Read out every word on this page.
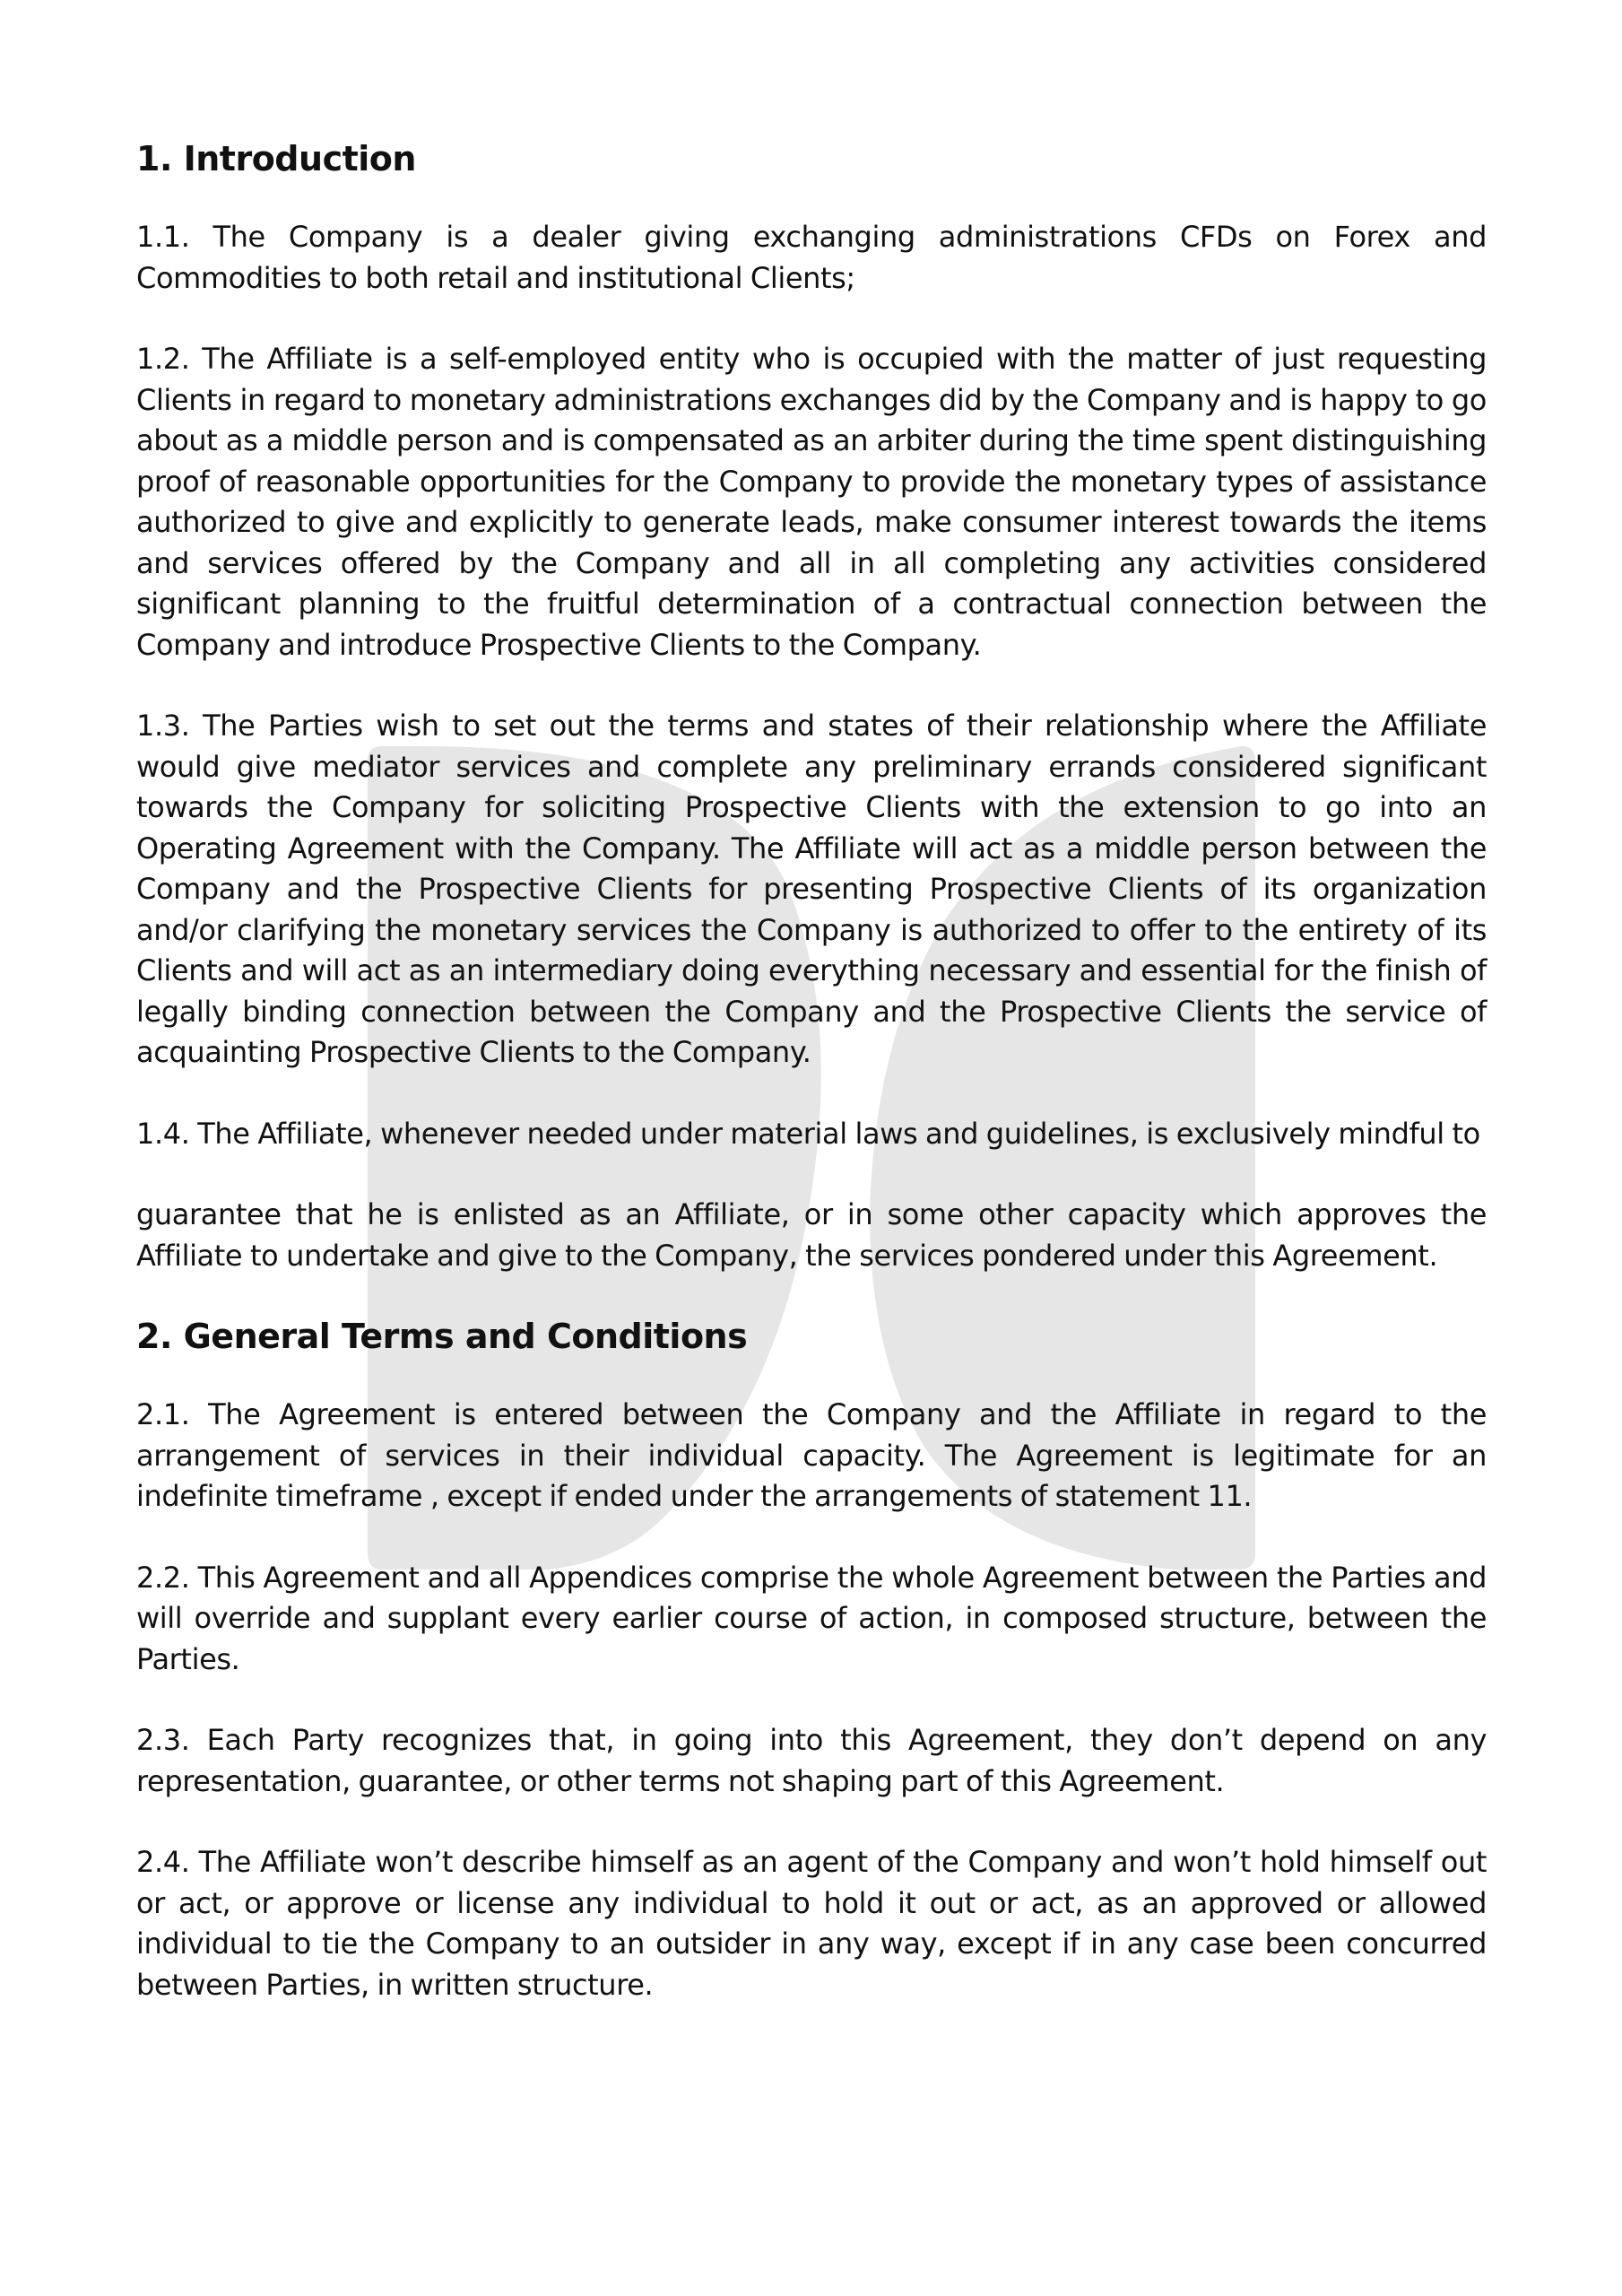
1. Introduction

1.1. The Company is a dealer giving exchanging administrations CFDs on Forex and Commodities to both retail and institutional Clients;

1.2. The Affiliate is a self-employed entity who is occupied with the matter of just requesting Clients in regard to monetary administrations exchanges did by the Company and is happy to go about as a middle person and is compensated as an arbiter during the time spent distinguishing proof of reasonable opportunities for the Company to provide the monetary types of assistance authorized to give and explicitly to generate leads, make consumer interest towards the items and services offered by the Company and all in all completing any activities considered significant planning to the fruitful determination of a contractual connection between the Company and introduce Prospective Clients to the Company.

1.3. The Parties wish to set out the terms and states of their relationship where the Affiliate would give mediator services and complete any preliminary errands considered significant towards the Company for soliciting Prospective Clients with the extension to go into an Operating Agreement with the Company. The Affiliate will act as a middle person between the Company and the Prospective Clients for presenting Prospective Clients of its organization and/or clarifying the monetary services the Company is authorized to offer to the entirety of its Clients and will act as an intermediary doing everything necessary and essential for the finish of legally binding connection between the Company and the Prospective Clients the service of acquainting Prospective Clients to the Company.

1.4. The Affiliate, whenever needed under material laws and guidelines, is exclusively mindful to

guarantee that he is enlisted as an Affiliate, or in some other capacity which approves the Affiliate to undertake and give to the Company, the services pondered under this Agreement.

2. General Terms and Conditions

2.1. The Agreement is entered between the Company and the Affiliate in regard to the arrangement of services in their individual capacity. The Agreement is legitimate for an indefinite timeframe , except if ended under the arrangements of statement 11.

2.2. This Agreement and all Appendices comprise the whole Agreement between the Parties and will override and supplant every earlier course of action, in composed structure, between the Parties.

2.3. Each Party recognizes that, in going into this Agreement, they don’t depend on any representation, guarantee, or other terms not shaping part of this Agreement.

2.4. The Affiliate won’t describe himself as an agent of the Company and won’t hold himself out or act, or approve or license any individual to hold it out or act, as an approved or allowed individual to tie the Company to an outsider in any way, except if in any case been concurred between Parties, in written structure.
